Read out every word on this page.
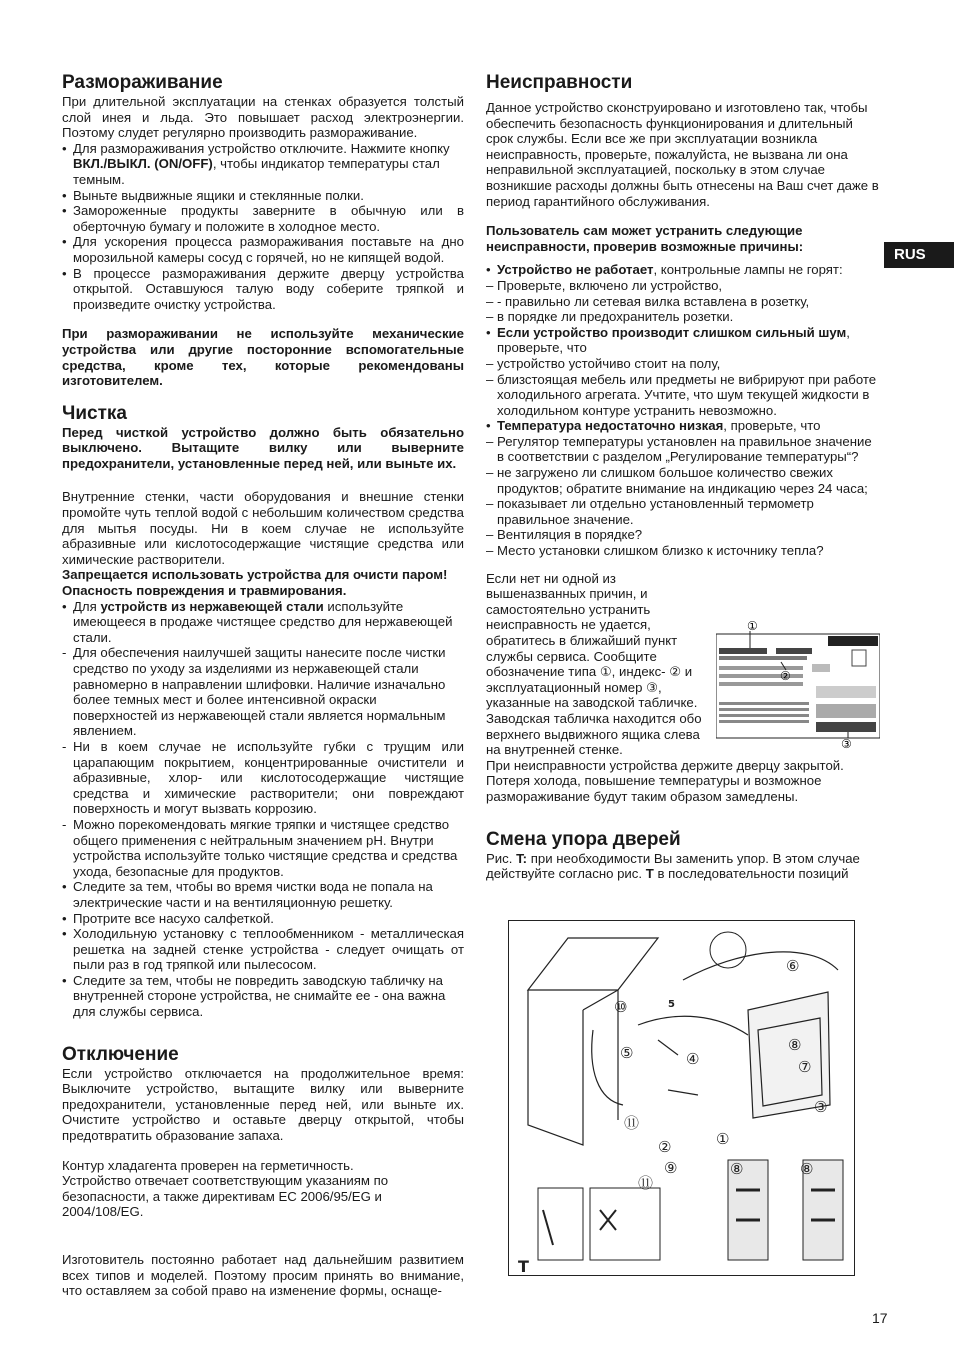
Размораживание

При длительной эксплуатации на стенках образуется толстый слой инея и льда. Это повышает расход электроэнергии. Поэтому слудет регулярно производить размораживание.

• Для размораживания устройство отключите. Нажмите кнопку ВКЛ./ВЫКЛ. (ON/OFF), чтобы индикатор температуры стал темным.
• Выньте выдвижные ящики и стеклянные полки.
• Замороженные продукты заверните в обычную или в оберточную бумагу и положите в холодное место.
• Для ускорения процесса размораживания поставьте на дно морозильной камеры сосуд с горячей, но не кипящей водой.
• В процессе размораживания держите дверцу устройства открытой. Оставшуюся талую воду соберите тряпкой и произведите очистку устройства.

При размораживании не используйте механические устройства или другие посторонние вспомогательные средства, кроме тех, которые рекомендованы изготовителем.

Чистка

Перед чисткой устройство должно быть обязательно выключено. Вытащите вилку или выверните предохранители, установленные перед ней, или выньте их.

Внутренние стенки, части оборудования и внешние стенки промойте чуть теплой водой с небольшим количеством средства для мытья посуды. Ни в коем случае не используйте абразивные или кислотосодержащие чистящие средства или химические растворители.

Запрещается использовать устройства для очисти паром! Опасность повреждения и травмирования.

• Для устройств из нержавеющей стали используйте имеющееся в продаже чистящее средство для нержавеющей стали.
- Для обеспечения наилучшей защиты нанесите после чистки средство по уходу за изделиями из нержавеющей стали равномерно в направлении шлифовки. Наличие изначально более темных мест и более интенсивной окраски поверхностей из нержавеющей стали является нормальным явлением.
- Ни в коем случае не используйте губки с трущим или царапающим покрытием, концентрированные очистители и абразивные, хлор- или кислотосодержащие чистящие средства и химические растворители; они повреждают поверхность и могут вызвать коррозию.
- Можно порекомендовать мягкие тряпки и чистящее средство общего применения с нейтральным значением pH. Внутри устройства используйте только чистящие средства и средства ухода, безопасные для продуктов.
• Следите за тем, чтобы во время чистки вода не попала на электрические части и на вентиляционную решетку.
• Протрите все насухо салфеткой.
• Холодильную установку с теплообменником - металлическая решетка на задней стенке устройства - следует очищать от пыли раз в год тряпкой или пылесосом.
• Следите за тем, чтобы не повредить заводскую табличку на внутренней стороне устройства, не снимайте ее - она важна для службы сервиса.
Отключение

Если устройство отключается на продолжительное время: Выключите устройство, вытащите вилку или выверните предохранители, установленные перед ней, или выньте их. Очистите устройство и оставьте дверцу открытой, чтобы предотвратить образование запаха.

Контур хладагента проверен на герметичность.

Устройство отвечает соответствующим указаниям по безопасности, а также директивам EC 2006/95/EG и 2004/108/EG.

Изготовитель постоянно работает над дальнейшим развитием всех типов и моделей. Поэтому просим принять во внимание, что оставляем за собой право на изменение формы, оснаще-

Неисправности

Данное устройство сконструировано и изготовлено так, чтобы обеспечить безопасность функционирования и длительный срок службы. Если все же при эксплуатации возникла неисправность, проверьте, пожалуйста, не вызвана ли она неправильной эксплуатацией, поскольку в этом случае возникшие расходы должны быть отнесены на Ваш счет даже в период гарантийного обслуживания.

Пользователь сам может устранить следующие неисправности, проверив возможные причины:

• Устройство не работает, контрольные лампы не горят:
– Проверьте, включено ли устройство,
– - правильно ли сетевая вилка вставлена в розетку,
– в порядке ли предохранитель розетки.
• Если устройство производит слишком сильный шум, проверьте, что
– устройство устойчиво стоит на полу,
– близстоящая мебель или предметы не вибрируют при работе холодильного агрегата. Учтите, что шум текущей жидкости в холодильном контуре устранить невозможно.
• Температура недостаточно низкая, проверьте, что
– Регулятор температуры установлен на правильное значение в соответствии с разделом „Регулирование температуры“?
– не загружено ли слишком большое количество свежих продуктов; обратите внимание на индикацию через 24 часа;
– показывает ли отдельно установленный термометр правильное значение.
– Вентиляция в порядке?
– Место установки слишком близко к источнику тепла?

Если нет ни одной из вышеназванных причин, и самостоятельно устранить неисправность не удается, обратитесь в ближайший пункт службы сервиса. Сообщите обозначение типа ①, индекс- ② и эксплуатационный номер ③, указанные на заводской табличке. Заводская табличка находится обо верхнего выдвижного ящика слева на внутренней стенке.

При неисправности устройства держите дверцу закрытой. Потеря холода, повышение температуры и возможное размораживание будут таким образом замедлены.

Смена упора дверей

Рис. T: при необходимости Вы заменить упор. В этом случае действуйте согласно рис. T в последовательности позиций

①
②
③
⑩	5
⑤	④
⑪
②
⑨
①
⑥
⑧
⑦
③
⑧	⑧
⑪
T
RUS
17
